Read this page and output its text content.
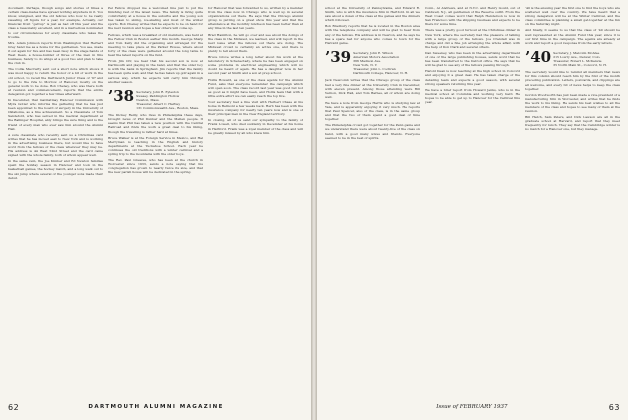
document. Perhaps, though songs and stories of times a certain class-mates have spread nothing anywhere in it. You know, unsigned, and the old fellows who bow to be really sweating off figure for a year, for example, Actually, our financial front “gettup” is just as bad off this year and the class a reasonably excellent, and in a marvellous nominated to our circumstances for every classmate who takes the trouble.

Mrs. Adam Johnson reports from Washington that Herbert Grey hand me as a home for the gentlemen. You see, made it out again for five and has been busy in the stage hands of West Dean, a house-builder of three of the men in this business, Sandy to do wings at a good two and plan to take the club in.

The Collie MacCarty sent out a short note which shows it was most happy to return the honor of a bit of work in the old school, to recall the Dartmouth Junior Class of ’97 and to go to the ride to Morrow of Hanover, mostly on the general work to be done. Bob Cheney, who was there both at reunion and commencement, reports that the entire delegation got together a few times afterward.

In December, that matinstmay Hanover Commission with Myra Gotler who informs the gathering that he has just been appointed to the board of surgery in the University of Oklahoma, as a fine achievement. So a Classmate of Tom Sandeford, who has served in the medical department at the Ballinger Hospital, ably brings the sure thing and is the friend of every man who ever saw him around the Alumni Hall.

A sure classmate who recently sent us a Christmas card writes that he has moved east to New York and is working in the advertising business there, but would like to have word from the fellows of the class wherever they may be. His address is 44 West 52nd Street and the card came signed with the whole family, both of whom appear well.

In the same vein, the Joe Kimber and Ed Newton families spent the holiday season in Hanover and took in the basketball games, the hockey match, and a long walk out to the ski jump where several of the younger sons made their debut.

Pel Fellow dropped me a welcomed line just to put the finishing rest of the latest news. The family is living quite comfortably at a house in the suburbs and the young son has taken to skiing, ice-skating and most of the winter sports. Bob Cheney writes that he expects to be on hand for the next reunion and hopes a few others will come up.

Fellows, which was a breakfast of old members, was held at the Fellow Club in Boston earlier this month. George Sharp and Tom Kelly did the organizing and arranged for the meeting to take place at the Parker House, where about forty of the class were gathered around the long table to hear the latest reports on the fund.

From Jim Orr, we hear that his second son is now at Dartmouth and playing in the band, and that the older boy is with the bank in Springfield. Jim reports that the family has been quite well, and that he has taken up golf again in a serious way, which he expects will carry him through another season.

’38 Secretary, John R. Eyleston
Swasey, Paddington Hollow
Newton, Mass.
Treasurer, Albert C. Hartley
131 Commonwealth Ave., Boston, Mass.

The Dickey Reilly, who lives in Philadelphia these days, brought news of Phil Dunbar and the Mellen people. It seems that Phil has taken a new position with the Central Railroad and finds the work a great deal to his liking, though the travelling is rather hard at times.

Bruce Walker is at the Foreign Service in Mexico, and Hal Merryman is teaching in the English and history departments at the Tuckahoe School. Each year he continues the old traditions with a winter carnival and a spring trip to the mountains with the older boys.

The Rev. Paul Greaves, who has been at the church in Worcester since 1933, sends a note saying that his congregation has grown to nearly twice its size, and that the new parish house will be dedicated in the spring.

for Hanover that was forwarded to us, written by a member from the class now in Chicago who is well up in several organizations out there. He says that the Chicago alumni group is putting on a great show this year and that the attendance at the monthly luncheon has been better than at any time in the last ten years.

Brad Hamilton, he will go over and see about the doings of the class in the Midwest, we learned, and will report in the next issue what the fellows out there are doing. The Midwest crowd is certainly an active one, and there is plenty to tell about them.

Bruce Grove writes a long letter about his work at the laboratory in Schenectady, where he has been engaged on some problems in electrical engineering which will no doubt be heard of again. He has a daughter now in her second year at Smith and a son at prep school.

Hollis Howard, as one of the class agents for the Alumni Fund, asks that everyone remember the campaign which will open soon. The class record last year was good but not as good as it might have been, and Hollis feels that with a little extra effort we can easily reach the top five.

Your secretary had a fine visit with Herbert Chase at his home in Belmont a few weeks back. Herb has been with the insurance company for nearly ten years now and is one of their principal men in the New England territory.

In closing, all of us send our sympathy to the family of Frank Lowell, who died suddenly in December at his home in Hartford. Frank was a loyal member of the class and will be greatly missed by all who knew him.

62	DARTMOUTH ALUMNI MAGAZINE

school at the University of Pennsylvania, and Edward R. Smith, who is with the insurance firm in Hartford. In all we saw about a dozen of the class at the games and the dinners which followed.

Bob Bradbury reports that he is located in the Boston area with the telephone company and will be glad to hear from any of the fellows. His address is in Newton, and he says he has a spare bed for anyone who comes to town for the Harvard game.

’39 Secretary, John E. Wilson
American Motors Association
366 Madison Ave.
New York, N. Y.
Treasurer, John L. Cochran
Dartmouth College, Hanover, N. H.

Jack Newcomb writes that the Chicago group of the class had a very fine dinner at the University Club in December, with eleven present. Among those attending were Bill Vernon, Dick Hall, and Tom Barnes, all of whom are doing well.

We have a note from George Harris who is studying law at Yale, and is apparently enjoying it very much. He reports that Paul Spencer, also of the class, is in the same group and that the two of them spend a good deal of time together.

The Philadelphia crowd got together for the Penn game and we understand there were about twenty-five of the class on hand, with a good many wives and friends. Everyone seemed to be in the best of spirits.

Conn., Al Andrews, and at N.Y.C. and Henry Gould, out of Caldwell, N.J., all gentlemen of the Reserve outfit. From the West Coast comes word that Ralph Henderson is now in San Francisco with the shipping business and expects to be there for some time.

There was a pretty good turnout at the Christmas dinner in New York, where the secretary had the pleasure of talking with a large group of the fellows. Joe Crandall was in charge and did a fine job arranging the whole affair, with the help of Don Clark and several others.

Dan Sweeney, who has been in the advertising department of one of the large publishing houses, sends word that he has been transferred to the Detroit office. He says that he will be glad to see any of the fellows passing through.

Harold Dean is now teaching at the high school in Concord and enjoying it a great deal. He has taken charge of the debating team and expects a good season, with several strong speakers returning this year.

We have a brief report from Howard Jenks, who is in the medical school at Columbia and working very hard. He hopes to be able to get up to Hanover for the Carnival this year.

’40 is the ensuing year the first one to find the boys who are scattered well over the country. We have heard that a strong delegation will be at the Winter Carnival, and the class committee is planning a small get-together at the Inn on the Saturday night.

And finally, it seems to us that the class of ’40 should be well represented at the Alumni Fund this year, since it is our first time in the campaign. The agents are already at work and report a good response from the early letters.

’40 Secretary, J. Malcolm McAfee
215 Lowry Ave., Denver, Colo.
Treasurer, Robert L. McKenzie
35 North Main St., Concord, N. H.

The secretary would like to remind all members that news for this column should reach him by the first of the month preceding publication. Letters, postcards, and clippings are all welcome, and every bit of news helps to keep the class together.

Gordon Woodworth has just been made a vice-president of a manufacturing firm in Worcester, and writes that he finds the work to his liking. He sends his best wishes to all the members of the class and hopes to see many of them at the reunion.

Bill Hatch, Sam Peters, and Dick Lawson are all in the graduate school at Harvard, and report that they meet frequently for lunch. They say that the Cambridge winter is no match for a Hanover one, but they manage.

Issue of FEBRUARY 1937	63
